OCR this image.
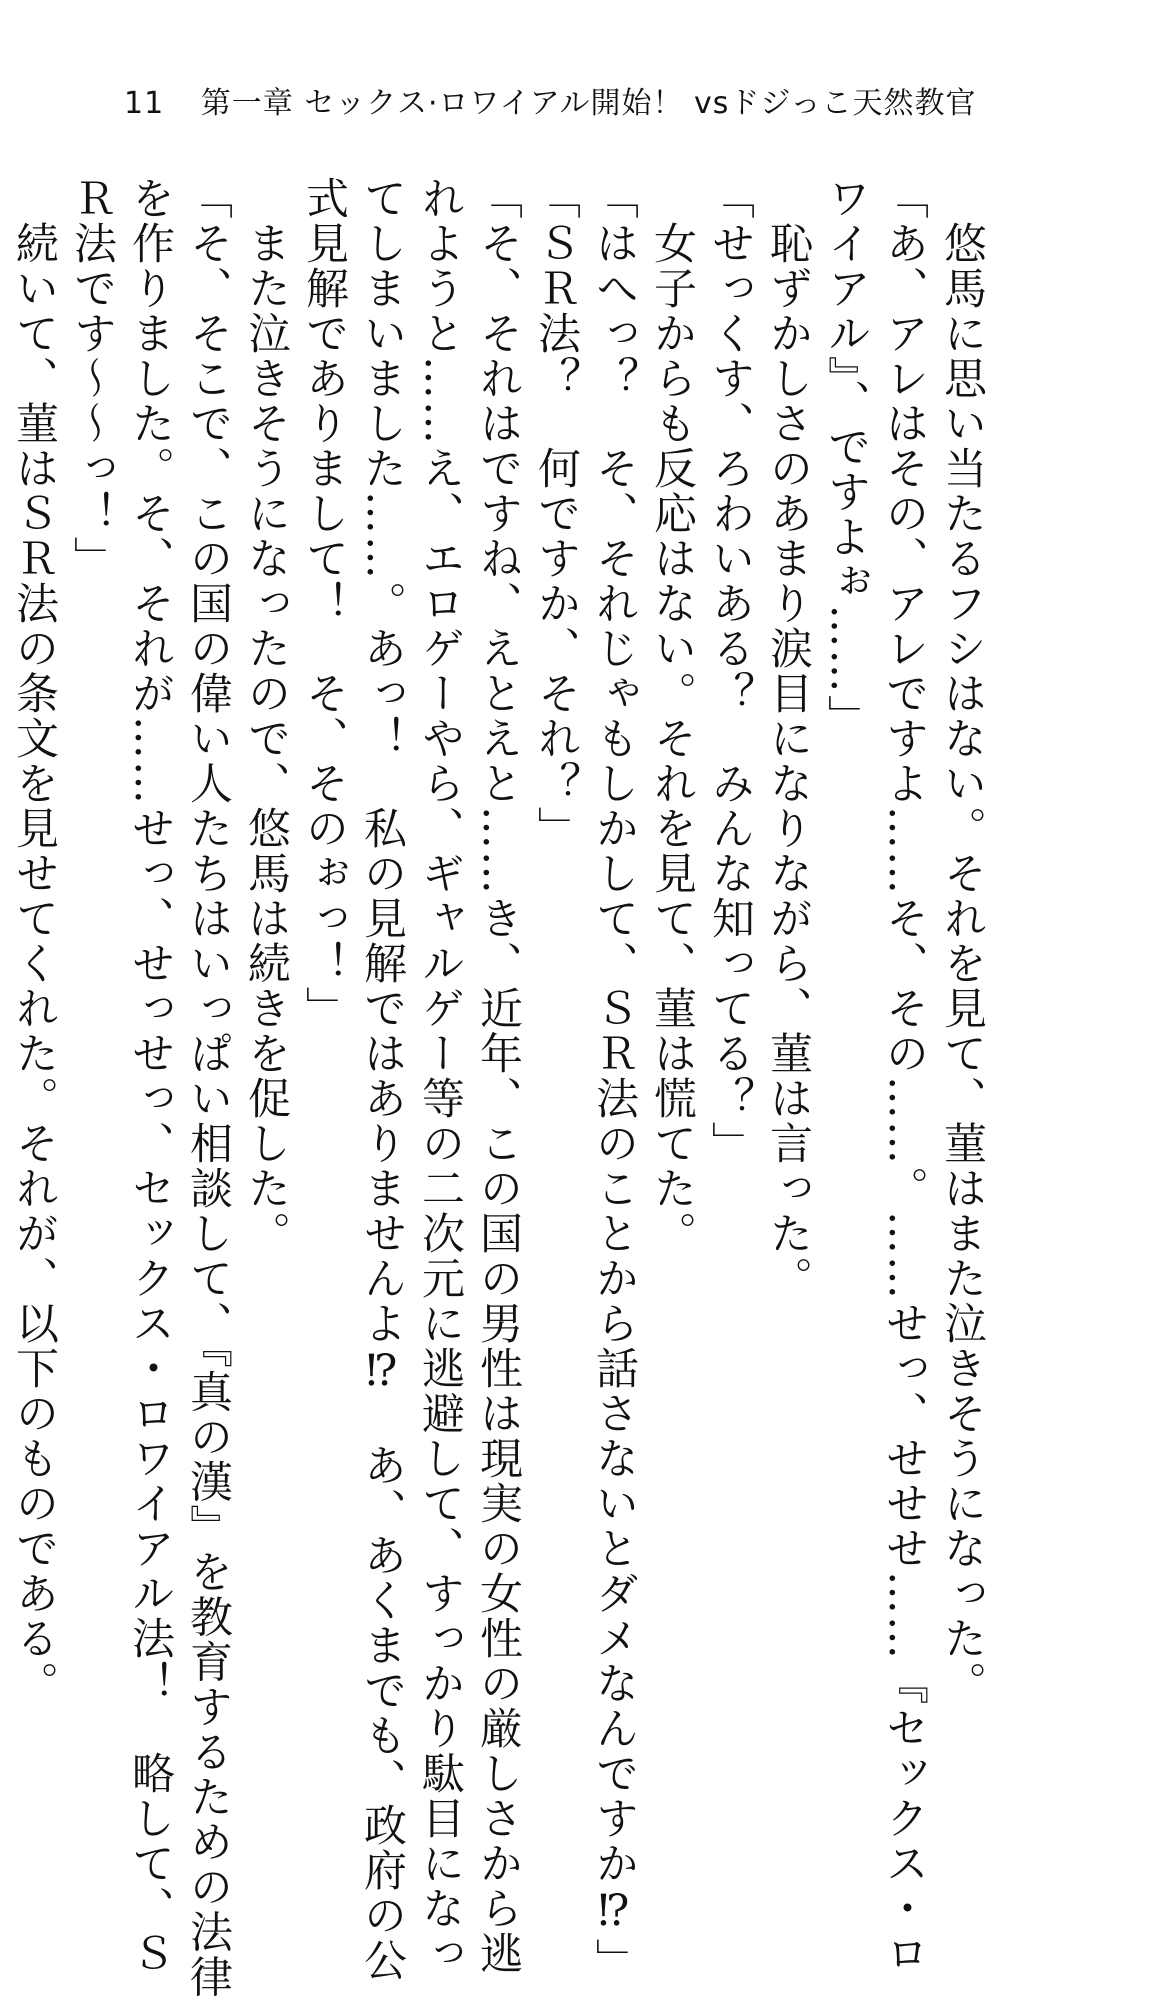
11 第一章 セックス·ロワイアル開始！ vsドジっこ天然教官
　悠馬に思い当たるフシはない。それを見て、菫はまた泣きそうになった。
「あ、アレはその、アレですよ……そ、その……。……せっ、せせせ……『セックス・ロ
ワイアル』、ですよぉ……」
　恥ずかしさのあまり涙目になりながら、菫は言った。
「せっくす、ろわいある？　みんな知ってる？」
　女子からも反応はない。それを見て、菫は慌てた。
「はへっ？　そ、それじゃもしかして、ＳＲ法のことから話さないとダメなんですか⁉」
「ＳＲ法？　何ですか、それ？」
「そ、それはですね、えとえと……き、近年、この国の男性は現実の女性の厳しさから逃
れようと……え、エロゲーやら、ギャルゲー等の二次元に逃避して、すっかり駄目になっ
てしまいました……。あっ！　私の見解ではありませんよ⁉　あ、あくまでも、政府の公
式見解でありまして！　そ、そのぉっ！」
　また泣きそうになったので、悠馬は続きを促した。
「そ、そこで、この国の偉い人たちはいっぱい相談して、『真の漢』を教育するための法律
を作りました。そ、それが……せっ、せっせっ、セックス・ロワイアル法！　略して、Ｓ
Ｒ法です～～っ！」
　続いて、菫はＳＲ法の条文を見せてくれた。それが、以下のものである。
